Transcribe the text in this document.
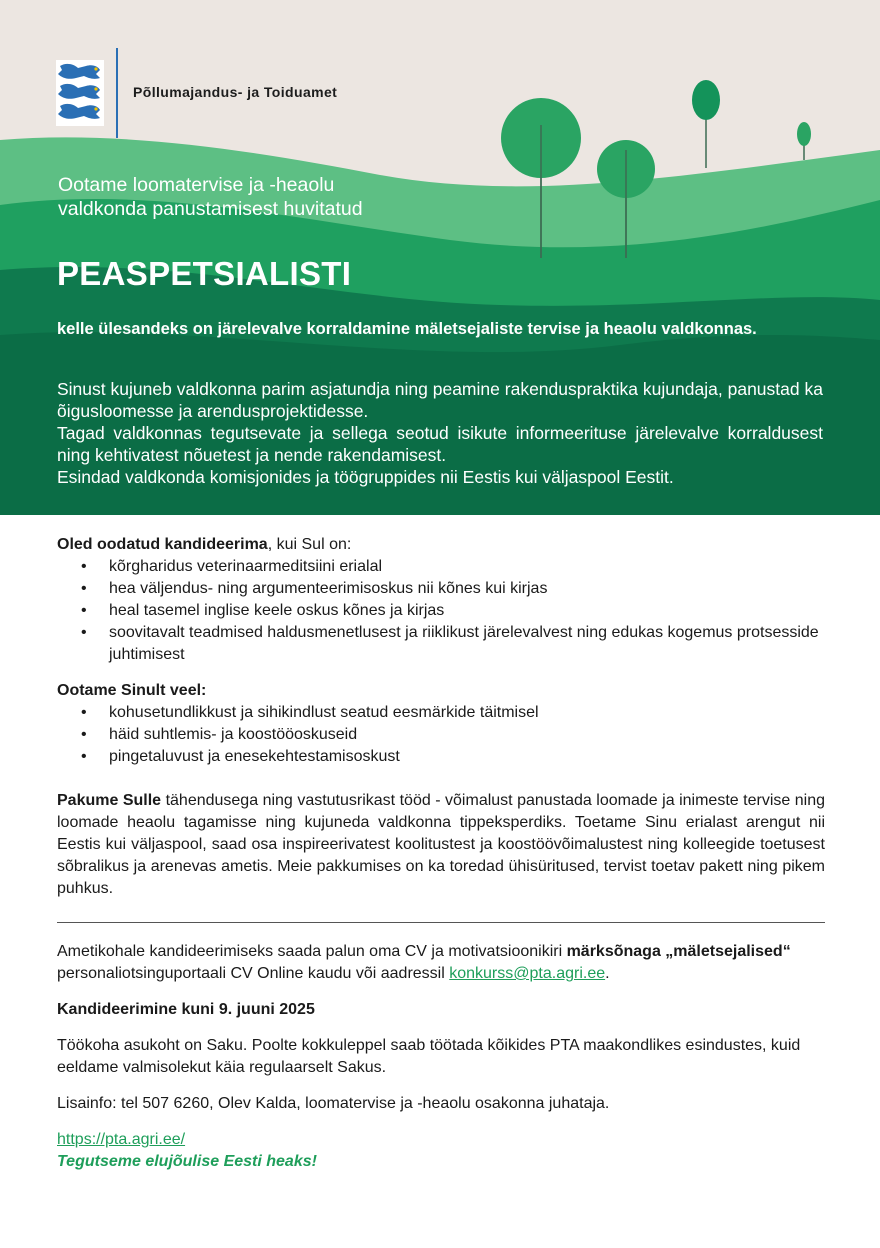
Põllumajandus- ja Toiduamet
Ootame loomatervise ja -heaolu
valdkonda panustamisest huvitatud
PEASPETSIALISTI
kelle ülesandeks on järelevalve korraldamine mäletsejaliste tervise ja heaolu valdkonnas.

Sinust kujuneb valdkonna parim asjatundja ning peamine rakenduspraktika kujundaja, panustad ka õigusloomesse ja arendusprojektidesse.

Tagad valdkonnas tegutsevate ja sellega seotud isikute informeerituse järelevalve korraldusest ning kehtivatest nõuetest ja nende rakendamisest.

Esindad valdkonda komisjonides ja töögruppides nii Eestis kui väljaspool Eestit.

Oled oodatud kandideerima, kui Sul on:

• kõrgharidus veterinaarmeditsiini erialal
• hea väljendus- ning argumenteerimisoskus nii kõnes kui kirjas
• heal tasemel inglise keele oskus kõnes ja kirjas
• soovitavalt teadmised haldusmenetlusest ja riiklikust järelevalvest ning edukas kogemus protsesside juhtimisest

Ootame Sinult veel:

• kohusetundlikkust ja sihikindlust seatud eesmärkide täitmisel
• häid suhtlemis- ja koostööoskuseid
• pingetaluvust ja enesekehtestamisoskust

Pakume Sulle tähendusega ning vastutusrikast tööd - võimalust panustada loomade ja inimeste tervise ning loomade heaolu tagamisse ning kujuneda valdkonna tippeksperdiks. Toetame Sinu erialast arengut nii Eestis kui väljaspool, saad osa inspireerivatest koolitustest ja koostöövõimalustest ning kolleegide toetusest sõbralikus ja arenevas ametis. Meie pakkumises on ka toredad ühisüritused, tervist toetav pakett ning pikem puhkus.

Ametikohale kandideerimiseks saada palun oma CV ja motivatsioonikiri märksõnaga „mäletsejalised“ personaliotsinguportaali CV Online kaudu või aadressil konkurss@pta.agri.ee.

Kandideerimine kuni 9. juuni 2025

Töökoha asukoht on Saku. Poolte kokkuleppel saab töötada kõikides PTA maakondlikes esindustes, kuid eeldame valmisolekut käia regulaarselt Sakus.

Lisainfo: tel 507 6260, Olev Kalda, loomatervise ja -heaolu osakonna juhataja.

https://pta.agri.ee/

Tegutseme elujõulise Eesti heaks!
